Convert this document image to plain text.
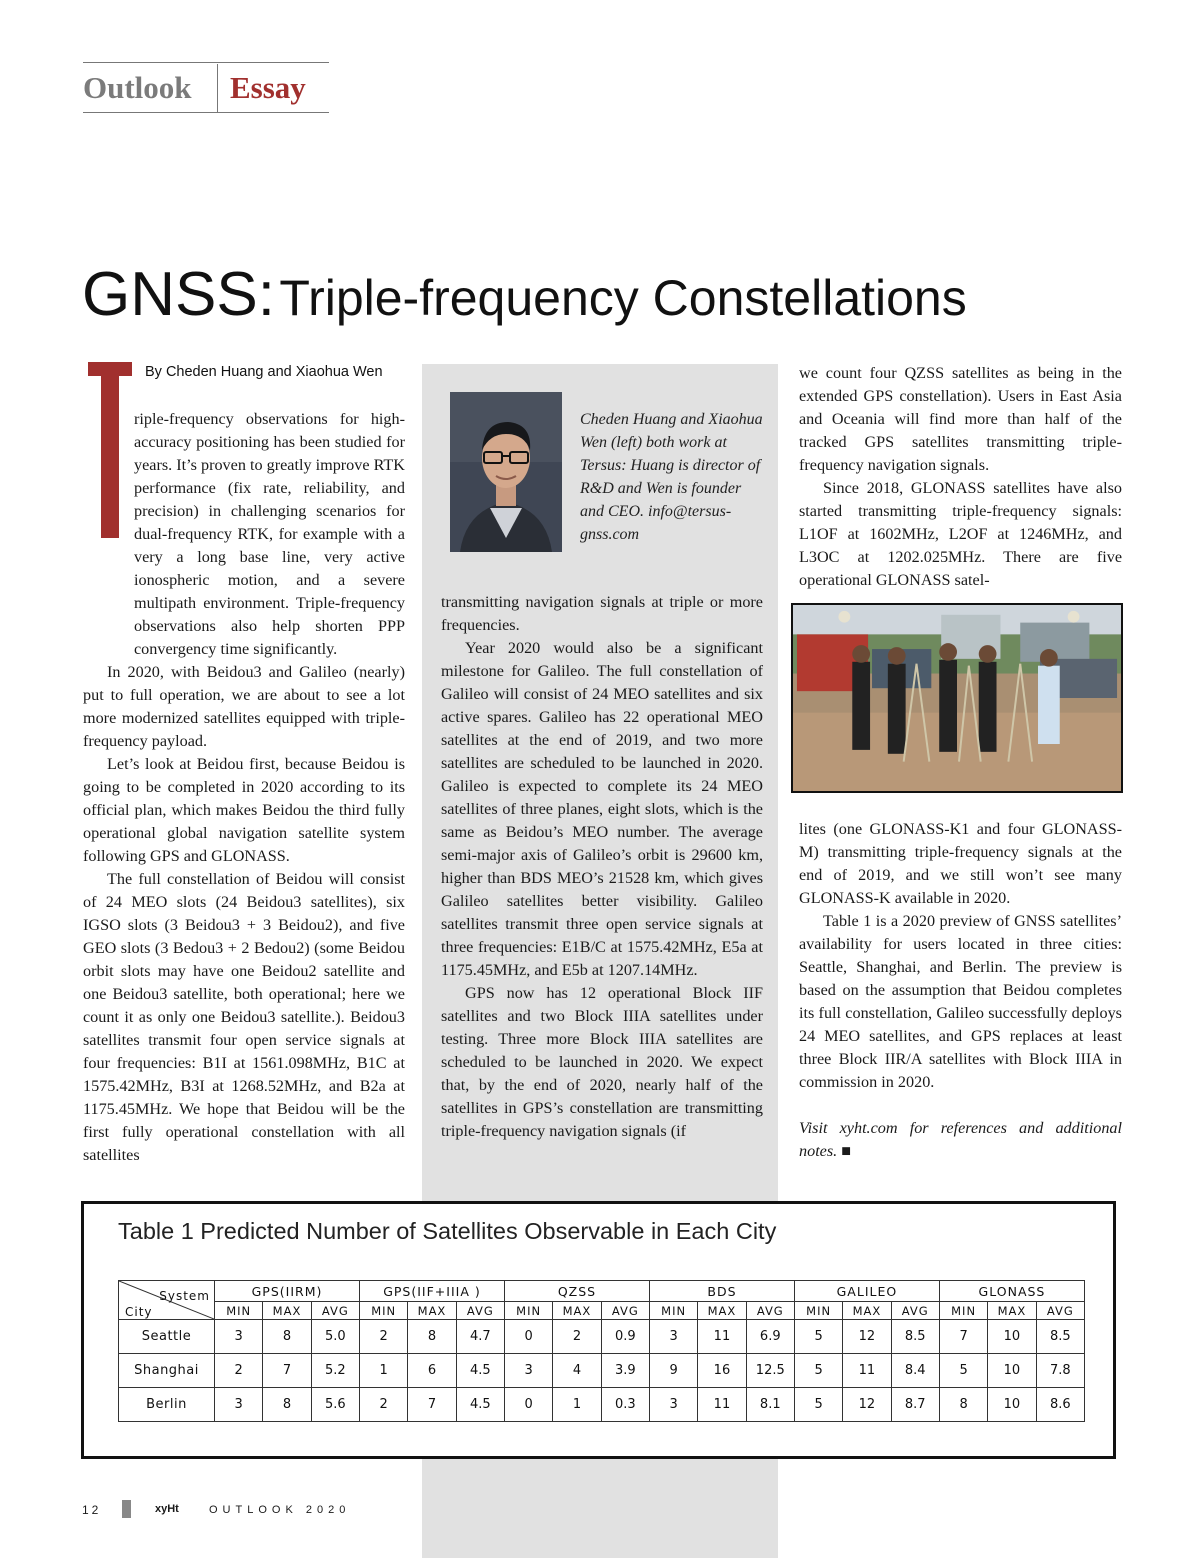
Outlook	Essay
GNSS: Triple-frequency Constellations
T
By Cheden Huang and Xiaohua Wen

riple-frequency observations for high-accuracy positioning has been studied for years. It’s proven to greatly improve RTK performance (fix rate, reliability, and precision) in challenging scenarios for dual-frequency RTK, for example with a very a long base line, very active ionospheric motion, and a severe multipath environment. Triple-frequency observations also help shorten PPP convergency time significantly.

In 2020, with Beidou3 and Galileo (nearly) put to full operation, we are about to see a lot more modernized satellites equipped with triple-frequency payload.

Let’s look at Beidou first, because Beidou is going to be completed in 2020 according to its official plan, which makes Beidou the third fully operational global navigation satellite system following GPS and GLONASS.

The full constellation of Beidou will consist of 24 MEO slots (24 Beidou3 satellites), six IGSO slots (3 Beidou3 + 3 Beidou2), and five GEO slots (3 Bedou3 + 2 Bedou2) (some Beidou orbit slots may have one Beidou2 satellite and one Beidou3 satellite, both operational; here we count it as only one Beidou3 satellite.). Beidou3 satellites transmit four open service signals at four frequencies: B1I at 1561.098MHz, B1C at 1575.42MHz, B3I at 1268.52MHz, and B2a at 1175.45MHz. We hope that Beidou will be the first fully operational constellation with all satellites

Cheden Huang and Xiaohua Wen (left) both work at Tersus: Huang is director of R&D and Wen is founder and CEO. info@tersus-gnss.com

transmitting navigation signals at triple or more frequencies.

Year 2020 would also be a significant milestone for Galileo. The full constellation of Galileo will consist of 24 MEO satellites and six active spares. Galileo has 22 operational MEO satellites at the end of 2019, and two more satellites are scheduled to be launched in 2020. Galileo is expected to complete its 24 MEO satellites of three planes, eight slots, which is the same as Beidou’s MEO number. The average semi-major axis of Galileo’s orbit is 29600 km, higher than BDS MEO’s 21528 km, which gives Galileo satellites better visibility. Galileo satellites transmit three open service signals at three frequencies: E1B/C at 1575.42MHz, E5a at 1175.45MHz, and E5b at 1207.14MHz.

GPS now has 12 operational Block IIF satellites and two Block IIIA satellites under testing. Three more Block IIIA satellites are scheduled to be launched in 2020. We expect that, by the end of 2020, nearly half of the satellites in GPS’s constellation are transmitting triple-frequency navigation signals (if

we count four QZSS satellites as being in the extended GPS constellation). Users in East Asia and Oceania will find more than half of the tracked GPS satellites transmitting triple-frequency navigation signals.

Since 2018, GLONASS satellites have also started transmitting triple-frequency signals: L1OF at 1602MHz, L2OF at 1246MHz, and L3OC at 1202.025MHz. There are five operational GLONASS satel-

lites (one GLONASS-K1 and four GLONASS-M) transmitting triple-frequency signals at the end of 2019, and we still won’t see many GLONASS-K available in 2020.

Table 1 is a 2020 preview of GNSS satellites’ availability for users located in three cities: Seattle, Shanghai, and Berlin. The preview is based on the assumption that Beidou completes its full constellation, Galileo successfully deploys 24 MEO satellites, and GPS replaces at least three Block IIR/A satellites with Block IIIA in commission in 2020.

Visit xyht.com for references and additional notes. ■

Table 1 Predicted Number of Satellites Observable in Each City
System
City	GPS(IIRM)			GPS(IIF+IIIA )			QZSS			BDS			GALILEO			GLONASS		
	MIN	MAX	AVG	MIN	MAX	AVG	MIN	MAX	AVG	MIN	MAX	AVG	MIN	MAX	AVG	MIN	MAX	AVG
Seattle	3	8	5.0	2	8	4.7	0	2	0.9	3	11	6.9	5	12	8.5	7	10	8.5
Shanghai	2	7	5.2	1	6	4.5	3	4	3.9	9	16	12.5	5	11	8.4	5	10	7.8
Berlin	3	8	5.6	2	7	4.5	0	1	0.3	3	11	8.1	5	12	8.7	8	10	8.6
12	xyHt	OUTLOOK 2020
